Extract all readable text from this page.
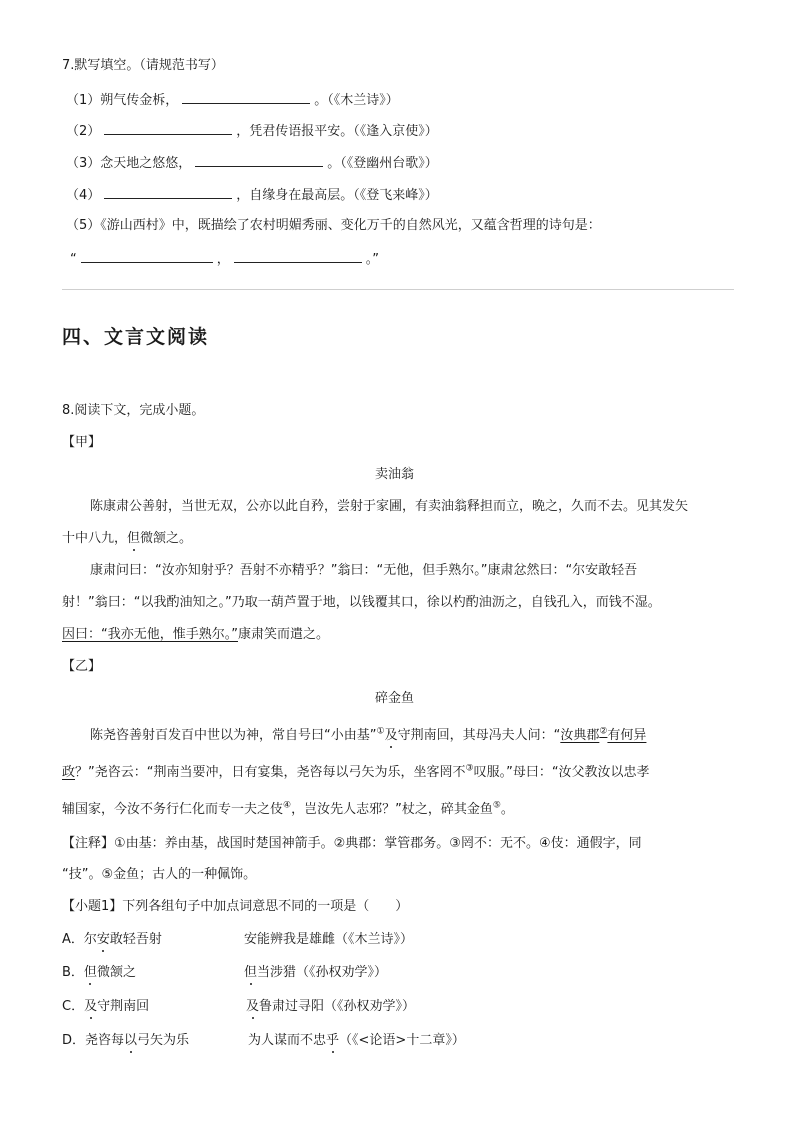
7.默写填空。（请规范书写）
（1）朔气传金柝，	。（《木兰诗》）
（2）	，凭君传语报平安。（《逢入京使》）
（3）念天地之悠悠，	。（《登幽州台歌》）
（4）	，自缘身在最高层。（《登飞来峰》）
（5）《游山西村》中，既描绘了农村明媚秀丽、变化万千的自然风光，又蕴含哲理的诗句是：
“	，	。”
四、文言文阅读
8.阅读下文，完成小题。
【甲】
卖油翁
陈康肃公善射，当世无双，公亦以此自矜，尝射于家圃，有卖油翁释担而立，晩之，久而不去。见其发矢
十中八九，但微颔之。
康肃问曰：“汝亦知射乎？吾射不亦精乎？”翁曰：“无他，但手熟尔。”康肃忿然曰：“尔安敢轻吾
射！”翁曰：“以我酌油知之。”乃取一葫芦置于地，以钱覆其口，徐以杓酌油沥之，自钱孔入，而钱不湿。
因曰：“我亦无他，惟手熟尔。”康肃笑而遣之。
【乙】
碎金鱼
陈尧咨善射百发百中世以为神，常自号曰“小由基”①及守荆南回，其母冯夫人问：“汝典郡②有何异
政？”尧咨云：“荆南当要冲，日有宴集，尧咨每以弓矢为乐，坐客罔不③叹服。”母曰：“汝父教汝以忠孝
辅国家，今汝不务行仁化而专一夫之伎④，岂汝先人志邪？”杖之，碎其金鱼⑤。
【注释】①由基：养由基，战国时楚国神箭手。②典郡：掌管郡务。③罔不：无不。④伎：通假字，同
“技”。⑤金鱼；古人的一种佩饰。
【小题1】下列各组句子中加点词意思不同的一项是（　　）
A．尔安敢轻吾射	安能辨我是雄雌（《木兰诗》）
B．但微颔之	但当涉猎（《孙权劝学》）
C．及守荆南回	及鲁肃过寻阳（《孙权劝学》）
D．尧咨每以弓矢为乐	为人谋而不忠乎（《<论语>十二章》）
